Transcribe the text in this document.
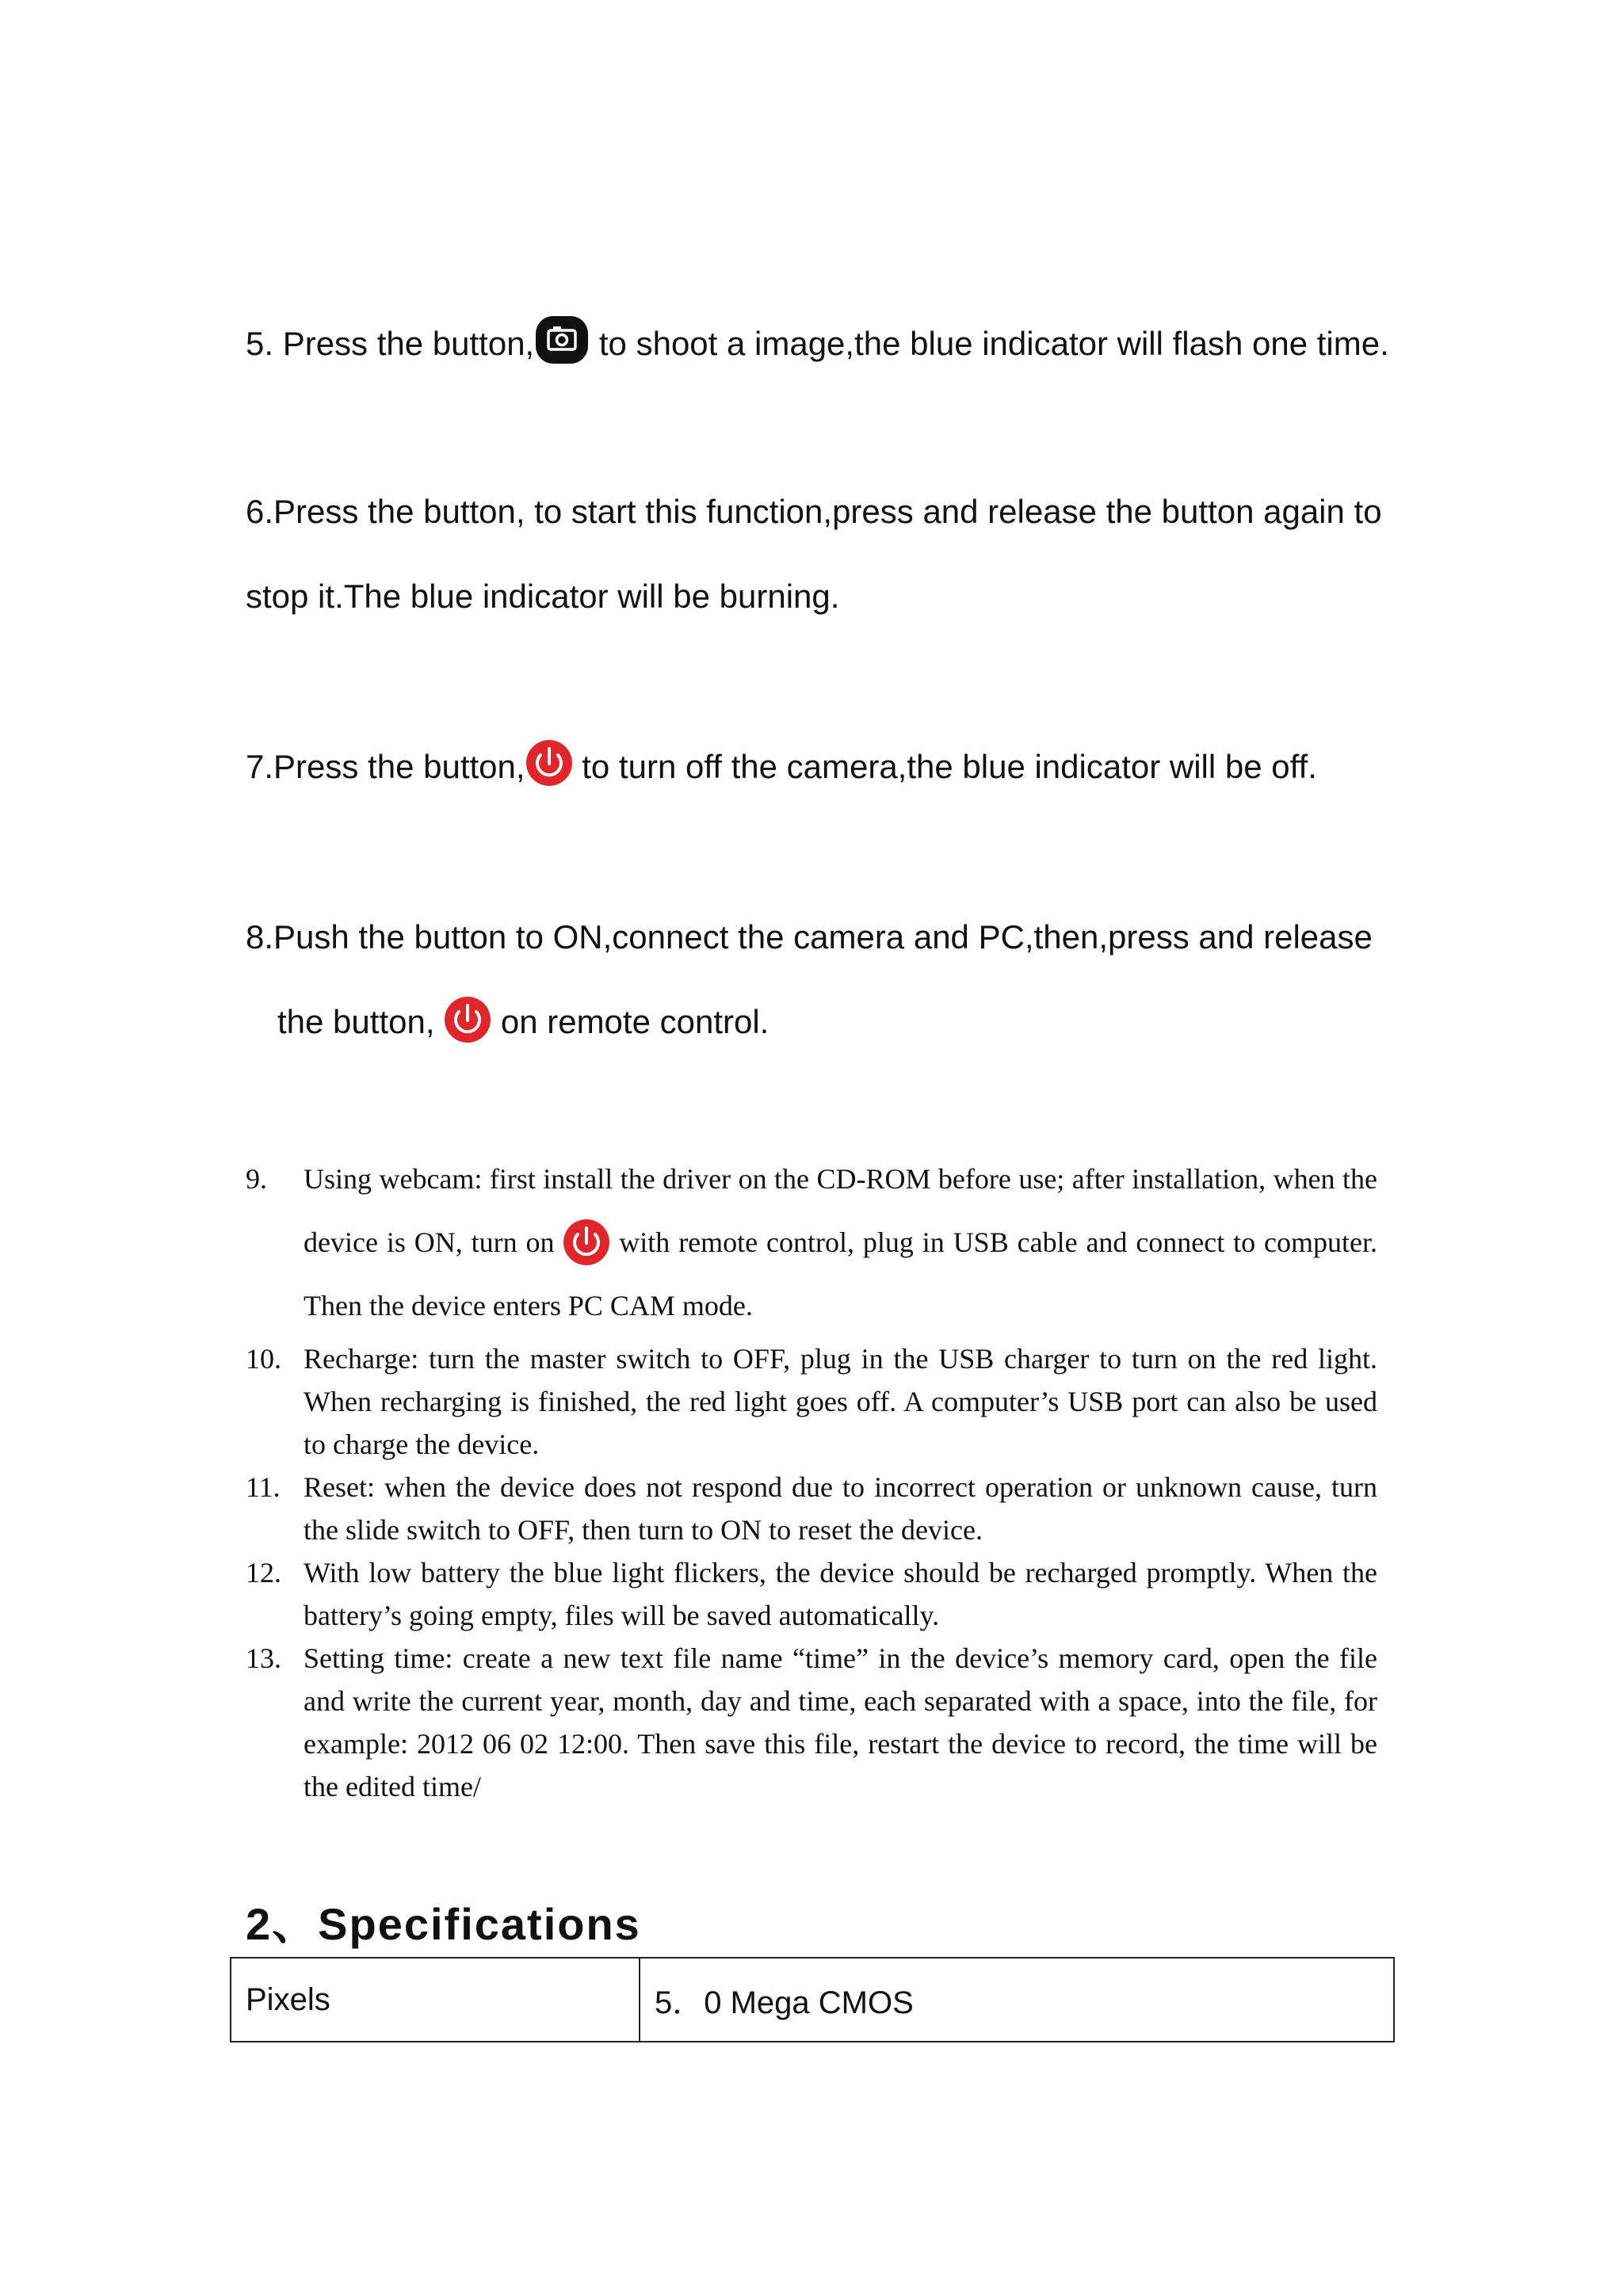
5. Press the button,
to shoot a image,the blue indicator will flash one time.
6.Press the button, to start this function,press and release the button again to
stop it.The blue indicator will be burning.
7.Press the button,
to turn off the camera,the blue indicator will be off.
8.Push the button to ON,connect the camera and PC,then,press and release
the button,
on remote control.
9. Using webcam: first install the driver on the CD-ROM before use; after installation, when the device is ON, turn on
with remote control, plug in USB cable and connect to computer. Then the device enters PC CAM mode.
10. Recharge: turn the master switch to OFF, plug in the USB charger to turn on the red light. When recharging is finished, the red light goes off. A computer’s USB port can also be used to charge the device.
11. Reset: when the device does not respond due to incorrect operation or unknown cause, turn the slide switch to OFF, then turn to ON to reset the device.
12. With low battery the blue light flickers, the device should be recharged promptly. When the battery’s going empty, files will be saved automatically.
13. Setting time: create a new text file name “time” in the device’s memory card, open the file and write the current year, month, day and time, each separated with a space, into the file, for example: 2012 06 02 12:00. Then save this file, restart the device to record, the time will be the edited time/
2、Specifications
Pixels	5．0 Mega CMOS
